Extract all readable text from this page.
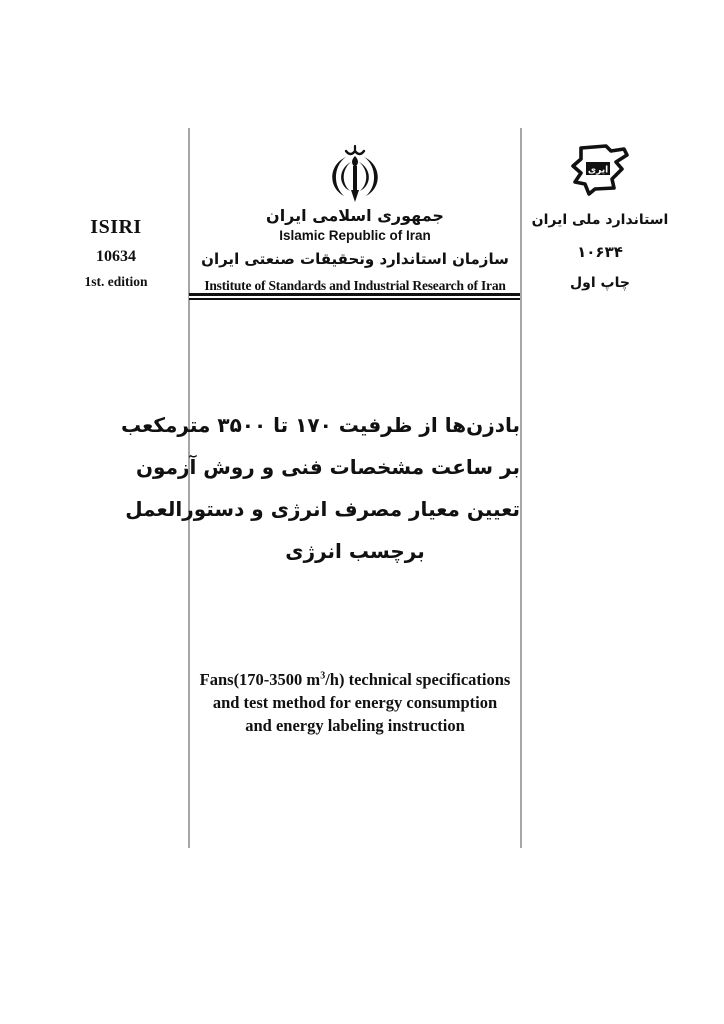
ISIRI
10634
1st. edition
جمهوری اسلامی ایران
Islamic Republic of Iran
سازمان استاندارد وتحقیقات صنعتی ایران
Institute of Standards and Industrial Research of Iran
ایری
استاندارد ملی ایران
۱۰۶۳۴
چاپ اول
بادزن‌ها از ظرفیت ۱۷۰ تا ۳۵۰۰ مترمکعب
بر ساعت مشخصات فنی و روش آزمون
تعیین معیار مصرف انرژی و دستورالعمل
برچسب انرژی
Fans(170-3500 $m^3/h$) technical specifications
and test method for energy consumption
and energy labeling instruction
